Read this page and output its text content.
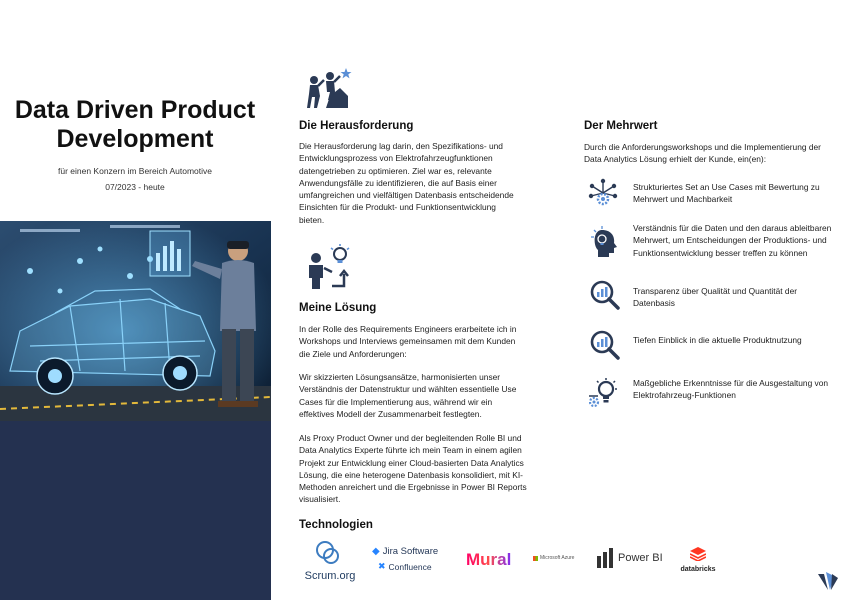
Data Driven Product
Development
für einen Konzern im Bereich Automotive
07/2023 - heute
Die Herausforderung
Die Herausforderung lag darin, den Spezifikations- und Entwicklungsprozess von Elektrofahrzeugfunktionen datengetrieben zu optimieren. Ziel war es, relevante Anwendungsfälle zu identifizieren, die auf Basis einer umfangreichen und vielfältigen Datenbasis entscheidende Einsichten für die Produkt- und Funktionsentwicklung bieten.
Meine Lösung
In der Rolle des Requirements Engineers erarbeitete ich in Workshops und Interviews gemeinsamen mit dem Kunden die Ziele und Anforderungen:
Wir skizzierten Lösungsansätze, harmonisierten unser Verständnis der Datenstruktur und wählten essentielle Use Cases für die Implementierung aus, während wir ein effektives Modell der Zusammenarbeit festlegten.
Als Proxy Product Owner und der begleitenden Rolle BI und Data Analytics Experte führte ich mein Team in einem agilen Projekt zur Entwicklung einer Cloud-basierten Data Analytics Lösung, die eine heterogene Datenbasis konsolidiert, mit KI-Methoden anreichert und die Ergebnisse in Power BI Reports visualisiert.
Technologien
Scrum.org
◆ Jira Software
✖ Confluence Mural	Microsoft Azure	Power BI
databricks
Der Mehrwert
Durch die Anforderungsworkshops und die Implementierung der Data Analytics Lösung erhielt der Kunde, ein(en):
Strukturiertes Set an Use Cases mit Bewertung zu Mehrwert und Machbarkeit
Verständnis für die Daten und den daraus ableitbaren Mehrwert, um Entscheidungen der Produktions- und Funktionsentwicklung besser treffen zu können
Transparenz über Qualität und Quantität der Datenbasis
Tiefen Einblick in die aktuelle Produktnutzung
Maßgebliche Erkenntnisse für die Ausgestaltung von Elektrofahrzeug-Funktionen
